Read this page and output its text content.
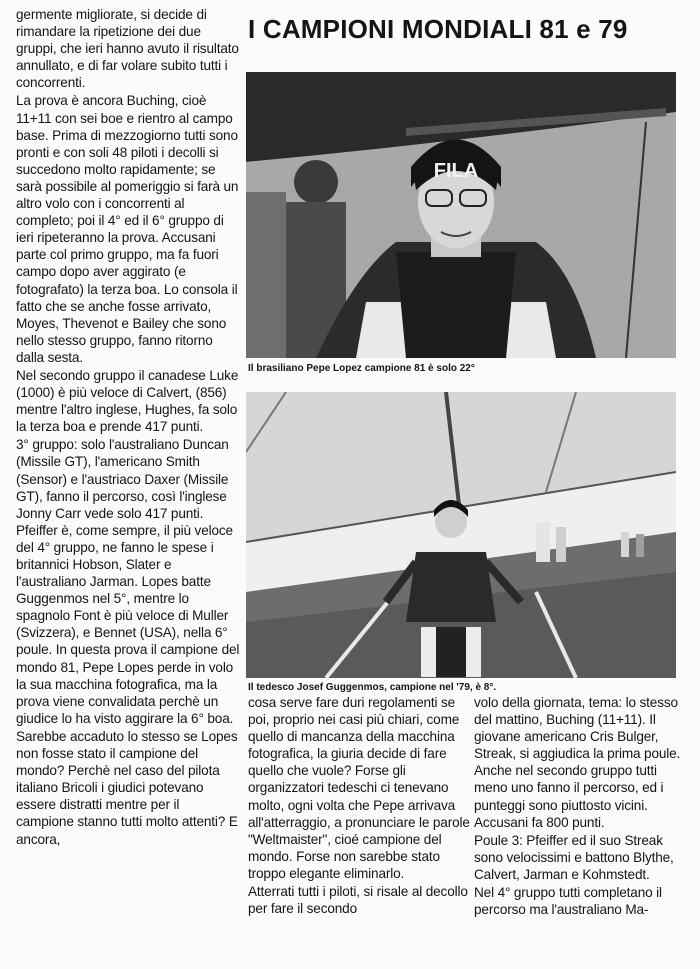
germente migliorate, si decide di rimandare la ripetizione dei due gruppi, che ieri hanno avuto il risultato annullato, e di far volare subito tutti i concorrenti.

La prova è ancora Buching, cioè 11+11 con sei boe e rientro al campo base. Prima di mezzogiorno tutti sono pronti e con soli 48 piloti i decolli si succedono molto rapidamente; se sarà possibile al pomeriggio si farà un altro volo con i concorrenti al completo; poi il 4° ed il 6° gruppo di ieri ripeteranno la prova. Accusani parte col primo gruppo, ma fa fuori campo dopo aver aggirato (e fotografato) la terza boa. Lo consola il fatto che se anche fosse arrivato, Moyes, Thevenot e Bailey che sono nello stesso gruppo, fanno ritorno dalla sesta.

Nel secondo gruppo il canadese Luke (1000) è più veloce di Calvert, (856) mentre l'altro inglese, Hughes, fa solo la terza boa e prende 417 punti.

3° gruppo: solo l'australiano Duncan (Missile GT), l'americano Smith (Sensor) e l'austriaco Daxer (Missile GT), fanno il percorso, così l'inglese Jonny Carr vede solo 417 punti. Pfeiffer è, come sempre, il più veloce del 4° gruppo, ne fanno le spese i britannici Hobson, Slater e l'australiano Jarman. Lopes batte Guggenmos nel 5°, mentre lo spagnolo Font è più veloce di Muller (Svizzera), e Bennet (USA), nella 6° poule. In questa prova il campione del mondo 81, Pepe Lopes perde in volo la sua macchina fotografica, ma la prova viene convalidata perchè un giudice lo ha visto aggirare la 6° boa.

Sarebbe accaduto lo stesso se Lopes non fosse stato il campione del mondo? Perchè nel caso del pilota italiano Bricoli i giudici potevano essere distratti mentre per il campione stanno tutti molto attenti? E ancora,

I CAMPIONI MONDIALI 81 e 79
FILA
Il brasiliano Pepe Lopez campione 81 è solo 22°
Il tedesco Josef Guggenmos, campione nel '79, è 8°.

cosa serve fare duri regolamenti se poi, proprio nei casi più chiari, come quello di mancanza della macchina fotografica, la giuria decide di fare quello che vuole? Forse gli organizzatori tedeschi ci tenevano molto, ogni volta che Pepe arrivava all'atterraggio, a pronunciare le parole "Weltmaister", cioé campione del mondo. Forse non sarebbe stato troppo elegante eliminarlo.

Atterrati tutti i piloti, si risale al decollo per fare il secondo

volo della giornata, tema: lo stesso del mattino, Buching (11+11). Il giovane americano Cris Bulger, Streak, si aggiudica la prima poule. Anche nel secondo gruppo tutti meno uno fanno il percorso, ed i punteggi sono piuttosto vicini. Accusani fa 800 punti.

Poule 3: Pfeiffer ed il suo Streak sono velocissimi e battono Blythe, Calvert, Jarman e Kohmstedt.

Nel 4° gruppo tutti completano il percorso ma l'australiano Ma-
